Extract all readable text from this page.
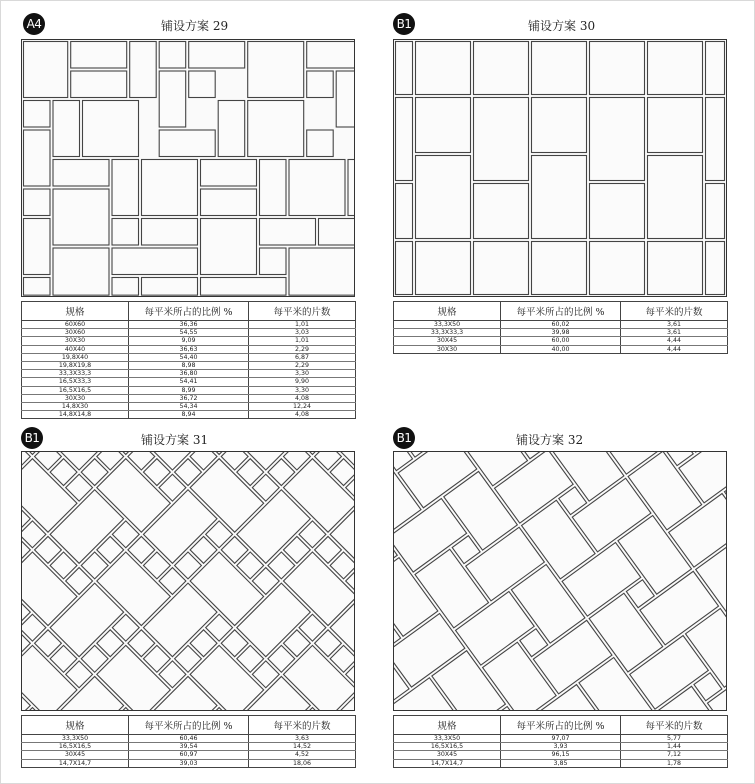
A4	铺设方案 29
规格	每平米所占的比例 %	每平米的片数
60X60	36,36	1,01
30X60	54,55	3,03
30X30	9,09	1,01
40X40	36,63	2,29
19,8X40	54,40	6,87
19,8X19,8	8,98	2,29
33,3X33,3	36,80	3,30
16,5X33,3	54,41	9,90
16,5X16,5	8,99	3,30
30X30	36,72	4,08
14,8X30	54,34	12,24
14,8X14,8	8,94	4,08
B1	铺设方案 30
规格	每平米所占的比例 %	每平米的片数
33,3X50	60,02	3,61
33,3X33,3	39,98	3,61
30X45	60,00	4,44
30X30	40,00	4,44
B1	铺设方案 31
规格	每平米所占的比例 %	每平米的片数
33,3X50	60,46	3,63
16,5X16,5	39,54	14,52
30X45	60,97	4,52
14,7X14,7	39,03	18,06
B1	铺设方案 32
规格	每平米所占的比例 %	每平米的片数
33,3X50	97,07	5,77
16,5X16,5	3,93	1,44
30X45	96,15	7,12
14,7X14,7	3,85	1,78
